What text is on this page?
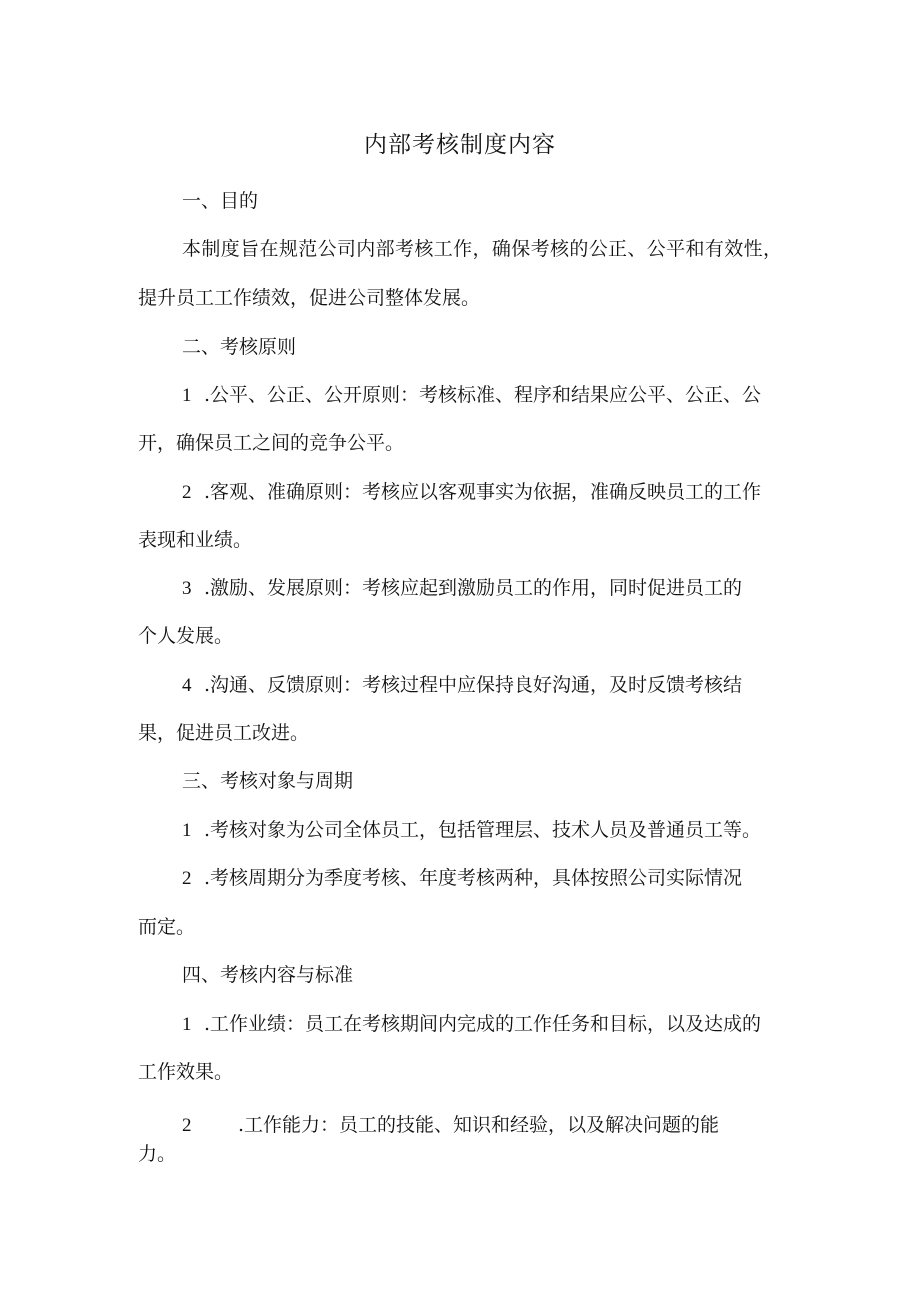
内部考核制度内容
一、目的
本制度旨在规范公司内部考核工作，确保考核的公正、公平和有效性，
提升员工工作绩效，促进公司整体发展。
二、考核原则
1 .公平、公正、公开原则：考核标准、程序和结果应公平、公正、公
开，确保员工之间的竞争公平。
2 .客观、准确原则：考核应以客观事实为依据，准确反映员工的工作
表现和业绩。
3 .激励、发展原则：考核应起到激励员工的作用，同时促进员工的
个人发展。
4 .沟通、反馈原则：考核过程中应保持良好沟通，及时反馈考核结
果，促进员工改进。
三、考核对象与周期
1 .考核对象为公司全体员工，包括管理层、技术人员及普通员工等。
2 .考核周期分为季度考核、年度考核两种，具体按照公司实际情况
而定。
四、考核内容与标准
1 .工作业绩：员工在考核期间内完成的工作任务和目标，以及达成的
工作效果。
2 .工作能力：员工的技能、知识和经验，以及解决问题的能
力。
